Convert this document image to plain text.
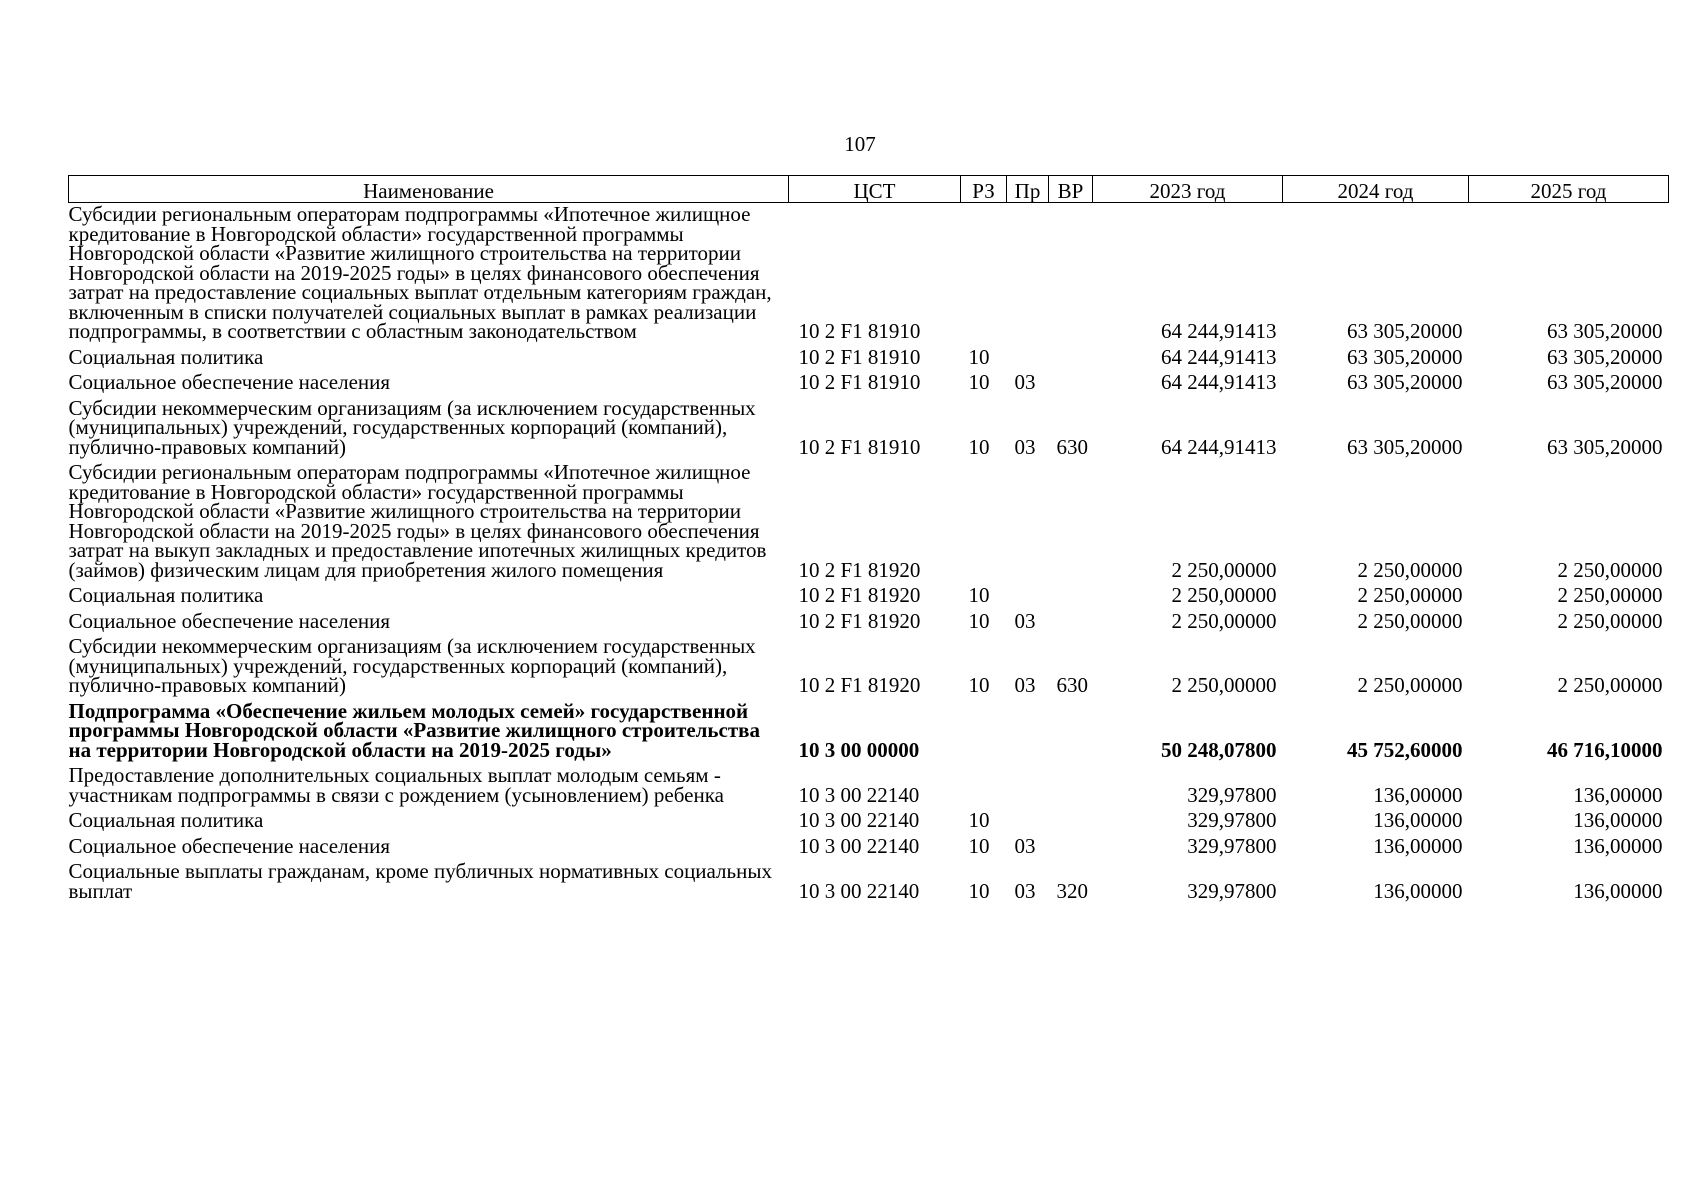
107
Наименование	ЦСТ	РЗ	Пр	ВР	2023 год	2024 год	2025 год
Субсидии региональным операторам подпрограммы «Ипотечное жилищное кредитование в Новгородской области» государственной программы Новгородской области «Развитие жилищного строительства на территории Новгородской области на 2019-2025 годы» в целях финансового обеспечения затрат на предоставление социальных выплат отдельным категориям граждан, включенным в списки получателей социальных выплат в рамках реализации подпрограммы, в соответствии с областным законодательством	10 2 F1 81910				64 244,91413	63 305,20000	63 305,20000
Социальная политика	10 2 F1 81910	10			64 244,91413	63 305,20000	63 305,20000
Социальное обеспечение населения	10 2 F1 81910	10	03		64 244,91413	63 305,20000	63 305,20000
Субсидии некоммерческим организациям (за исключением государственных (муниципальных) учреждений, государственных корпораций (компаний), публично-правовых компаний)	10 2 F1 81910	10	03	630	64 244,91413	63 305,20000	63 305,20000
Субсидии региональным операторам подпрограммы «Ипотечное жилищное кредитование в Новгородской области» государственной программы Новгородской области «Развитие жилищного строительства на территории Новгородской области на 2019-2025 годы» в целях финансового обеспечения затрат на выкуп закладных и предоставление ипотечных жилищных кредитов (займов) физическим лицам для приобретения жилого помещения	10 2 F1 81920				2 250,00000	2 250,00000	2 250,00000
Социальная политика	10 2 F1 81920	10			2 250,00000	2 250,00000	2 250,00000
Социальное обеспечение населения	10 2 F1 81920	10	03		2 250,00000	2 250,00000	2 250,00000
Субсидии некоммерческим организациям (за исключением государственных (муниципальных) учреждений, государственных корпораций (компаний), публично-правовых компаний)	10 2 F1 81920	10	03	630	2 250,00000	2 250,00000	2 250,00000
Подпрограмма «Обеспечение жильем молодых семей» государственной программы Новгородской области «Развитие жилищного строительства на территории Новгородской области на 2019-2025 годы»	10 3 00 00000				50 248,07800	45 752,60000	46 716,10000
Предоставление дополнительных социальных выплат молодым семьям - участникам подпрограммы в связи с рождением (усыновлением) ребенка	10 3 00 22140				329,97800	136,00000	136,00000
Социальная политика	10 3 00 22140	10			329,97800	136,00000	136,00000
Социальное обеспечение населения	10 3 00 22140	10	03		329,97800	136,00000	136,00000
Социальные выплаты гражданам, кроме публичных нормативных социальных выплат	10 3 00 22140	10	03	320	329,97800	136,00000	136,00000
